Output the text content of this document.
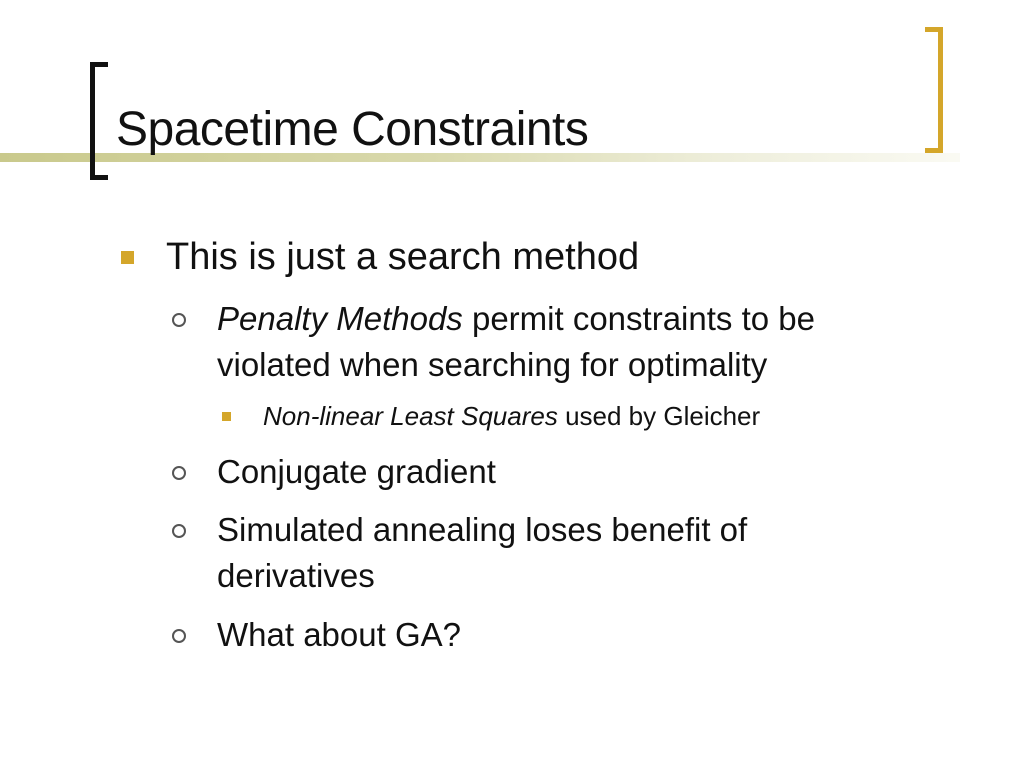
Spacetime Constraints

This is just a search method

Penalty Methods permit constraints to be

violated when searching for optimality

Non-linear Least Squares used by Gleicher

Conjugate gradient

Simulated annealing loses benefit of

derivatives

What about GA?
